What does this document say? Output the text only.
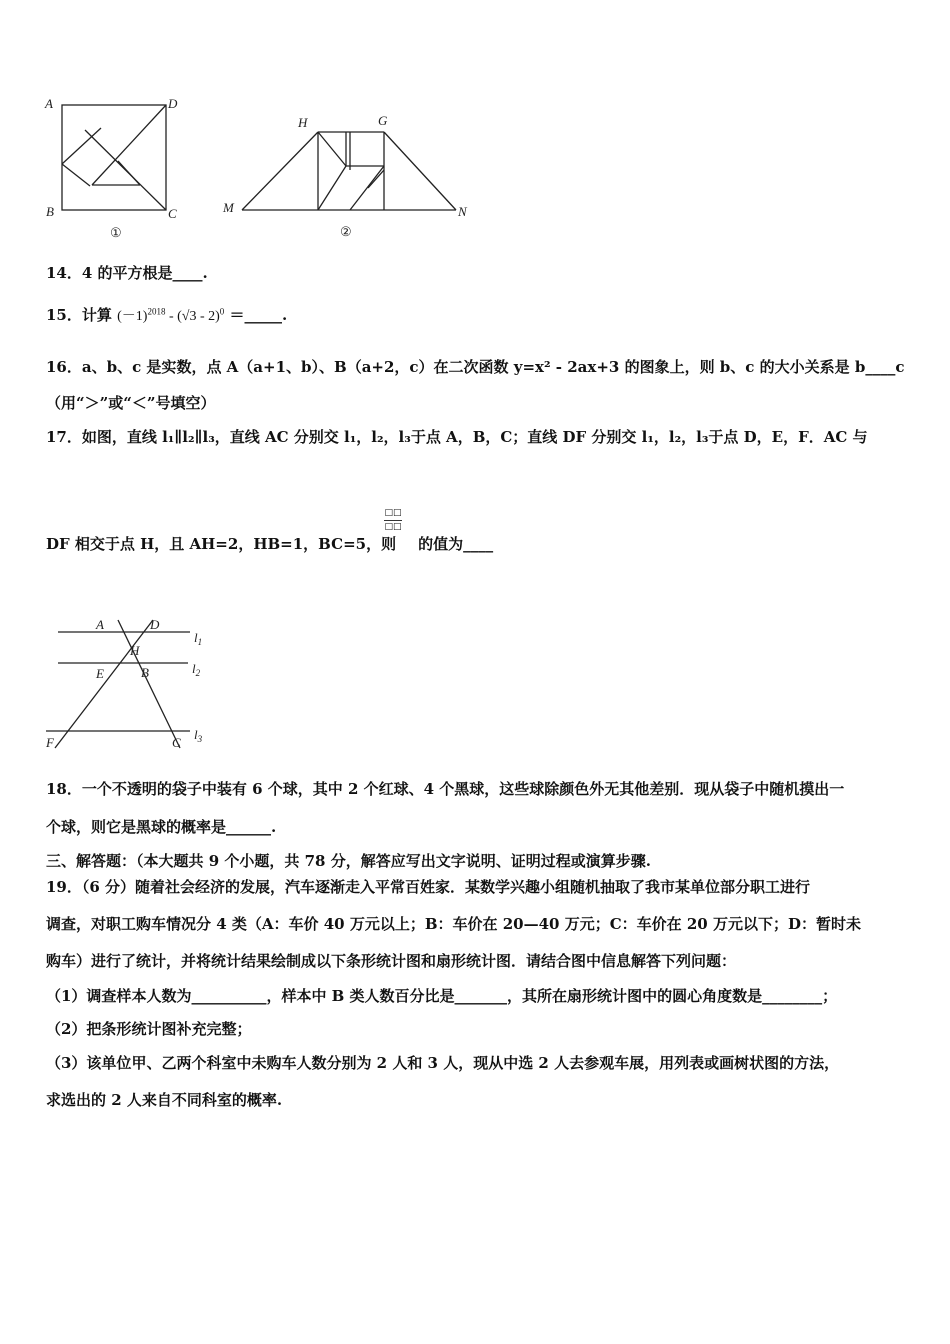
A	D
B	C
①
H	G
M	N
②
14．4 的平方根是____.
15．计算 $(-1)^{2018} - (√3 - 2)^0$ ＝_____.
16．a、b、c 是实数，点 A（a+1、b）、B（a+2，c）在二次函数 y=x² - 2ax+3 的图象上，则 b、c 的大小关系是 b____c
（用“＞”或“＜”号填空）
17．如图，直线 l₁∥l₂∥l₃，直线 AC 分别交 l₁，l₂，l₃于点 A，B，C；直线 DF 分别交 l₁，l₂，l₃于点 D，E，F．AC 与
DF 相交于点 H，且 AH=2，HB=1，BC=5，则 的值为____
□□
□□
A	D
H
E	B
F	C
$l_1$
$l_2$
$l_3$
18．一个不透明的袋子中装有 6 个球，其中 2 个红球、4 个黑球，这些球除颜色外无其他差别．现从袋子中随机摸出一
个球，则它是黑球的概率是______.
三、解答题：（本大题共 9 个小题，共 78 分，解答应写出文字说明、证明过程或演算步骤.
19．（6 分）随着社会经济的发展，汽车逐渐走入平常百姓家．某数学兴趣小组随机抽取了我市某单位部分职工进行
调查，对职工购车情况分 4 类（A：车价 40 万元以上；B：车价在 20—40 万元；C：车价在 20 万元以下；D：暂时未
购车）进行了统计，并将统计结果绘制成以下条形统计图和扇形统计图．请结合图中信息解答下列问题：
（1）调查样本人数为__________，样本中 B 类人数百分比是_______，其所在扇形统计图中的圆心角度数是________；
（2）把条形统计图补充完整；
（3）该单位甲、乙两个科室中未购车人数分别为 2 人和 3 人，现从中选 2 人去参观车展，用列表或画树状图的方法，
求选出的 2 人来自不同科室的概率.
